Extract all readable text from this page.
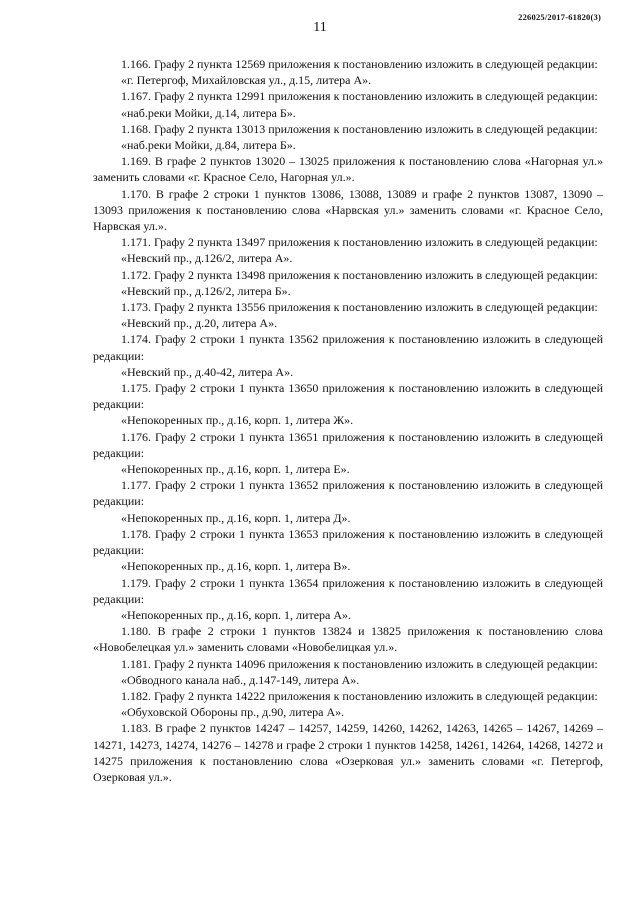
11
226025/2017-61820(3)

1.166. Графу 2 пункта 12569 приложения к постановлению изложить в следующей редакции:

«г. Петергоф, Михайловская ул., д.15, литера А».

1.167. Графу 2 пункта 12991 приложения к постановлению изложить в следующей редакции:

«наб.реки Мойки, д.14, литера Б».

1.168. Графу 2 пункта 13013 приложения к постановлению изложить в следующей редакции:

«наб.реки Мойки, д.84, литера Б».

1.169. В графе 2 пунктов 13020 – 13025 приложения к постановлению слова «Нагорная ул.» заменить словами «г. Красное Село, Нагорная ул.».

1.170. В графе 2 строки 1 пунктов 13086, 13088, 13089 и графе 2 пунктов 13087, 13090 – 13093 приложения к постановлению слова «Нарвская ул.» заменить словами «г. Красное Село, Нарвская ул.».

1.171. Графу 2 пункта 13497 приложения к постановлению изложить в следующей редакции:

«Невский пр., д.126/2, литера А».

1.172. Графу 2 пункта 13498 приложения к постановлению изложить в следующей редакции:

«Невский пр., д.126/2, литера Б».

1.173. Графу 2 пункта 13556 приложения к постановлению изложить в следующей редакции:

«Невский пр., д.20, литера А».

1.174. Графу 2 строки 1 пункта 13562 приложения к постановлению изложить в следующей редакции:

«Невский пр., д.40-42, литера А».

1.175. Графу 2 строки 1 пункта 13650 приложения к постановлению изложить в следующей редакции:

«Непокоренных пр., д.16, корп. 1, литера Ж».

1.176. Графу 2 строки 1 пункта 13651 приложения к постановлению изложить в следующей редакции:

«Непокоренных пр., д.16, корп. 1, литера Е».

1.177. Графу 2 строки 1 пункта 13652 приложения к постановлению изложить в следующей редакции:

«Непокоренных пр., д.16, корп. 1, литера Д».

1.178. Графу 2 строки 1 пункта 13653 приложения к постановлению изложить в следующей редакции:

«Непокоренных пр., д.16, корп. 1, литера В».

1.179. Графу 2 строки 1 пункта 13654 приложения к постановлению изложить в следующей редакции:

«Непокоренных пр., д.16, корп. 1, литера А».

1.180. В графе 2 строки 1 пунктов 13824 и 13825 приложения к постановлению слова «Новобелецкая ул.» заменить словами «Новобелицкая ул.».

1.181. Графу 2 пункта 14096 приложения к постановлению изложить в следующей редакции:

«Обводного канала наб., д.147-149, литера А».

1.182. Графу 2 пункта 14222 приложения к постановлению изложить в следующей редакции:

«Обуховской Обороны пр., д.90, литера А».

1.183. В графе 2 пунктов 14247 – 14257, 14259, 14260, 14262, 14263, 14265 – 14267, 14269 – 14271, 14273, 14274, 14276 – 14278 и графе 2 строки 1 пунктов 14258, 14261, 14264, 14268, 14272 и 14275 приложения к постановлению слова «Озерковая ул.» заменить словами «г. Петергоф, Озерковая ул.».
